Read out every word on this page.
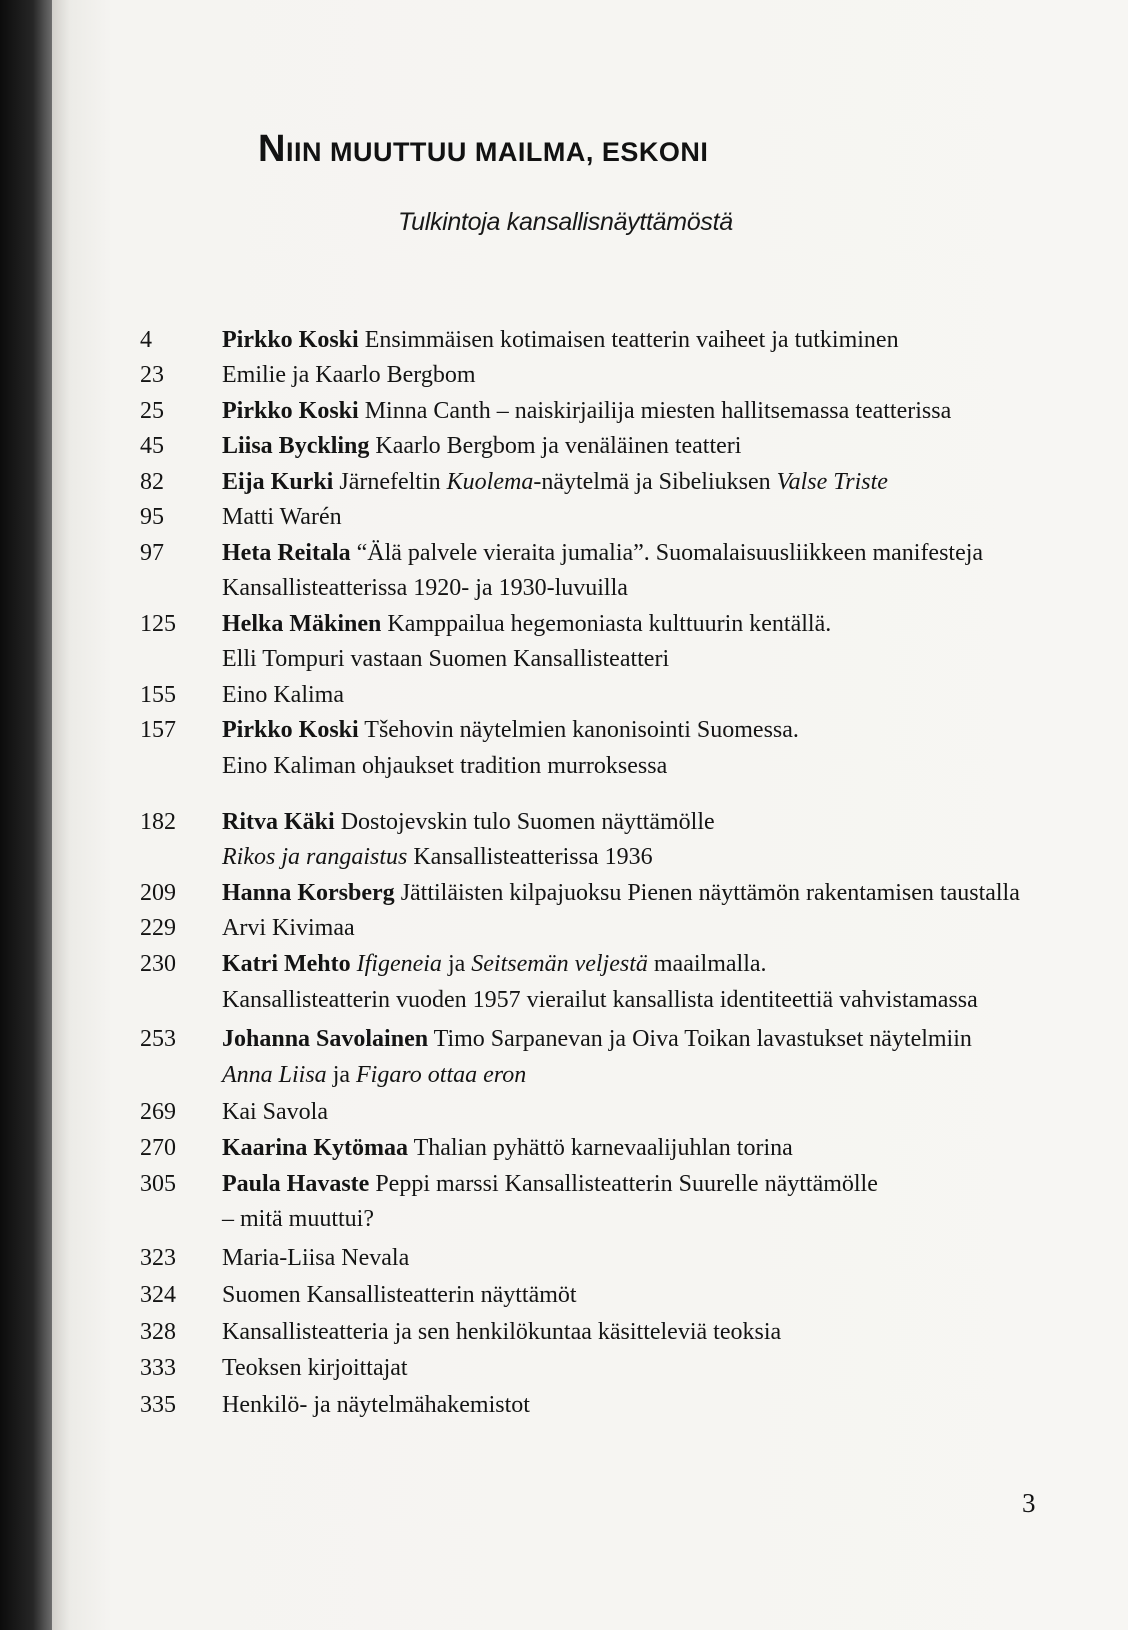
NIIN MUUTTUU MAILMA, ESKONI
Tulkintoja kansallisnäyttämöstä
4	Pirkko Koski Ensimmäisen kotimaisen teatterin vaiheet ja tutkiminen
23	Emilie ja Kaarlo Bergbom
25	Pirkko Koski Minna Canth – naiskirjailija miesten hallitsemassa teatterissa
45	Liisa Byckling Kaarlo Bergbom ja venäläinen teatteri
82	Eija Kurki Järnefeltin Kuolema-näytelmä ja Sibeliuksen Valse Triste
95	Matti Warén
97	Heta Reitala “Älä palvele vieraita jumalia”. Suomalaisuusliikkeen manifesteja
Kansallisteatterissa 1920- ja 1930-luvuilla
125	Helka Mäkinen Kamppailua hegemoniasta kulttuurin kentällä.
Elli Tompuri vastaan Suomen Kansallisteatteri
155	Eino Kalima
157	Pirkko Koski Tšehovin näytelmien kanonisointi Suomessa.
Eino Kaliman ohjaukset tradition murroksessa
182	Ritva Käki Dostojevskin tulo Suomen näyttämölle
Rikos ja rangaistus Kansallisteatterissa 1936
209	Hanna Korsberg Jättiläisten kilpajuoksu Pienen näyttämön rakentamisen taustalla
229	Arvi Kivimaa
230	Katri Mehto Ifigeneia ja Seitsemän veljestä maailmalla.
Kansallisteatterin vuoden 1957 vierailut kansallista identiteettiä vahvistamassa
253	Johanna Savolainen Timo Sarpanevan ja Oiva Toikan lavastukset näytelmiin
Anna Liisa ja Figaro ottaa eron
269	Kai Savola
270	Kaarina Kytömaa Thalian pyhättö karnevaalijuhlan torina
305	Paula Havaste Peppi marssi Kansallisteatterin Suurelle näyttämölle
– mitä muuttui?
323	Maria-Liisa Nevala
324	Suomen Kansallisteatterin näyttämöt
328	Kansallisteatteria ja sen henkilökuntaa käsitteleviä teoksia
333	Teoksen kirjoittajat
335	Henkilö- ja näytelmähakemistot
3
